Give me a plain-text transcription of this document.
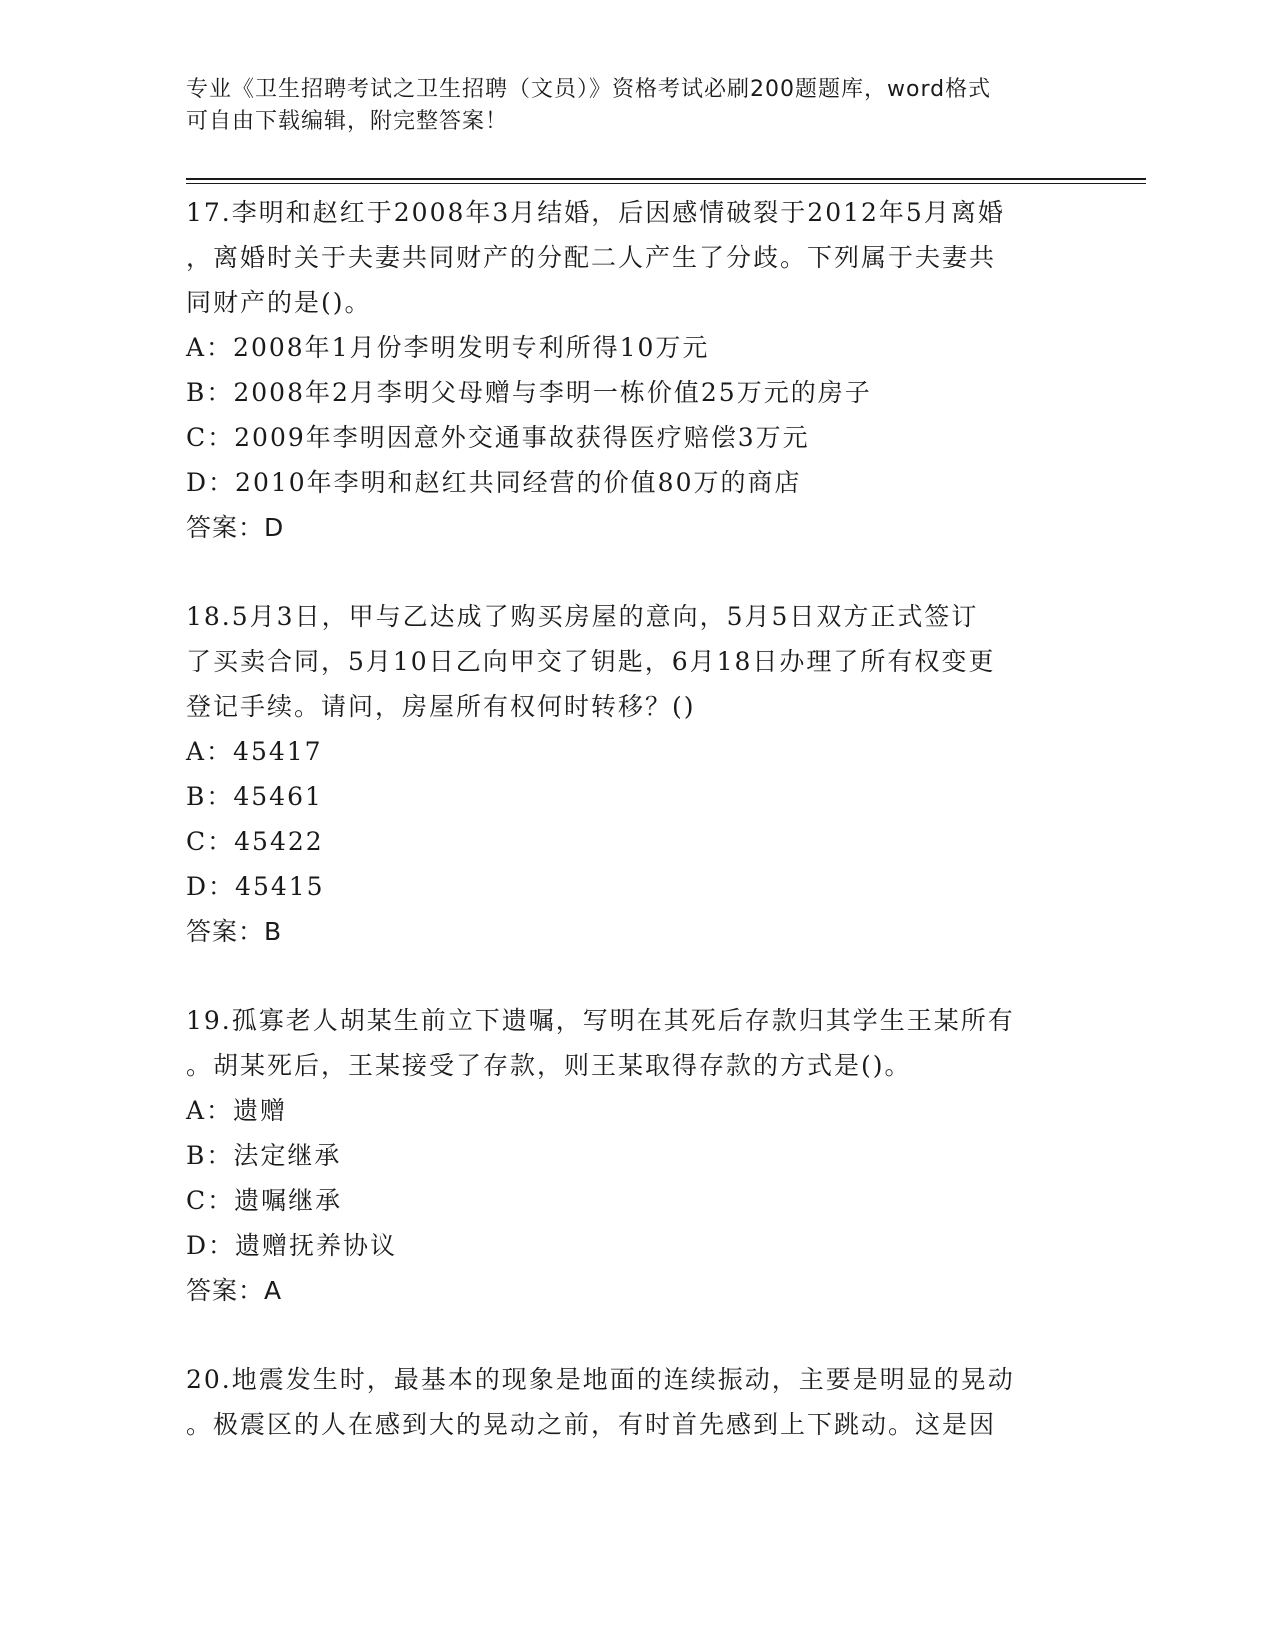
专业《卫生招聘考试之卫生招聘（文员）》资格考试必刷200题题库，word格式
可自由下载编辑，附完整答案！

17.李明和赵红于2008年3月结婚，后因感情破裂于2012年5月离婚

，离婚时关于夫妻共同财产的分配二人产生了分歧。下列属于夫妻共

同财产的是()。

A：2008年1月份李明发明专利所得10万元

B：2008年2月李明父母赠与李明一栋价值25万元的房子

C：2009年李明因意外交通事故获得医疗赔偿3万元

D：2010年李明和赵红共同经营的价值80万的商店

答案：D

18.5月3日，甲与乙达成了购买房屋的意向，5月5日双方正式签订

了买卖合同，5月10日乙向甲交了钥匙，6月18日办理了所有权变更

登记手续。请问，房屋所有权何时转移？()

A：45417

B：45461

C：45422

D：45415

答案：B

19.孤寡老人胡某生前立下遗嘱，写明在其死后存款归其学生王某所有

。胡某死后，王某接受了存款，则王某取得存款的方式是()。

A：遗赠

B：法定继承

C：遗嘱继承

D：遗赠抚养协议

答案：A

20.地震发生时，最基本的现象是地面的连续振动，主要是明显的晃动

。极震区的人在感到大的晃动之前，有时首先感到上下跳动。这是因
